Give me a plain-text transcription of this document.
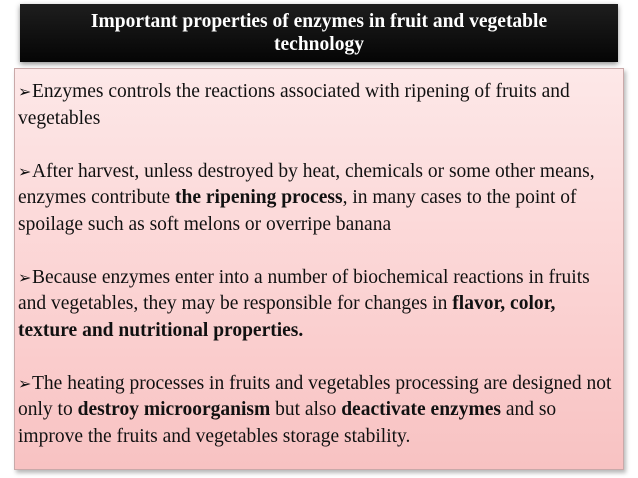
Important properties of enzymes in fruit and vegetable technology
➢Enzymes controls the reactions associated with ripening of fruits and vegetables
➢After harvest, unless destroyed by heat, chemicals or some other means, enzymes contribute the ripening process, in many cases to the point of spoilage such as soft melons or overripe banana
➢Because enzymes enter into a number of biochemical reactions in fruits and vegetables, they may be responsible for changes in flavor, color, texture and nutritional properties.
➢The heating processes in fruits and vegetables processing are designed not only to destroy microorganism but also deactivate enzymes and so improve the fruits and vegetables storage stability.
